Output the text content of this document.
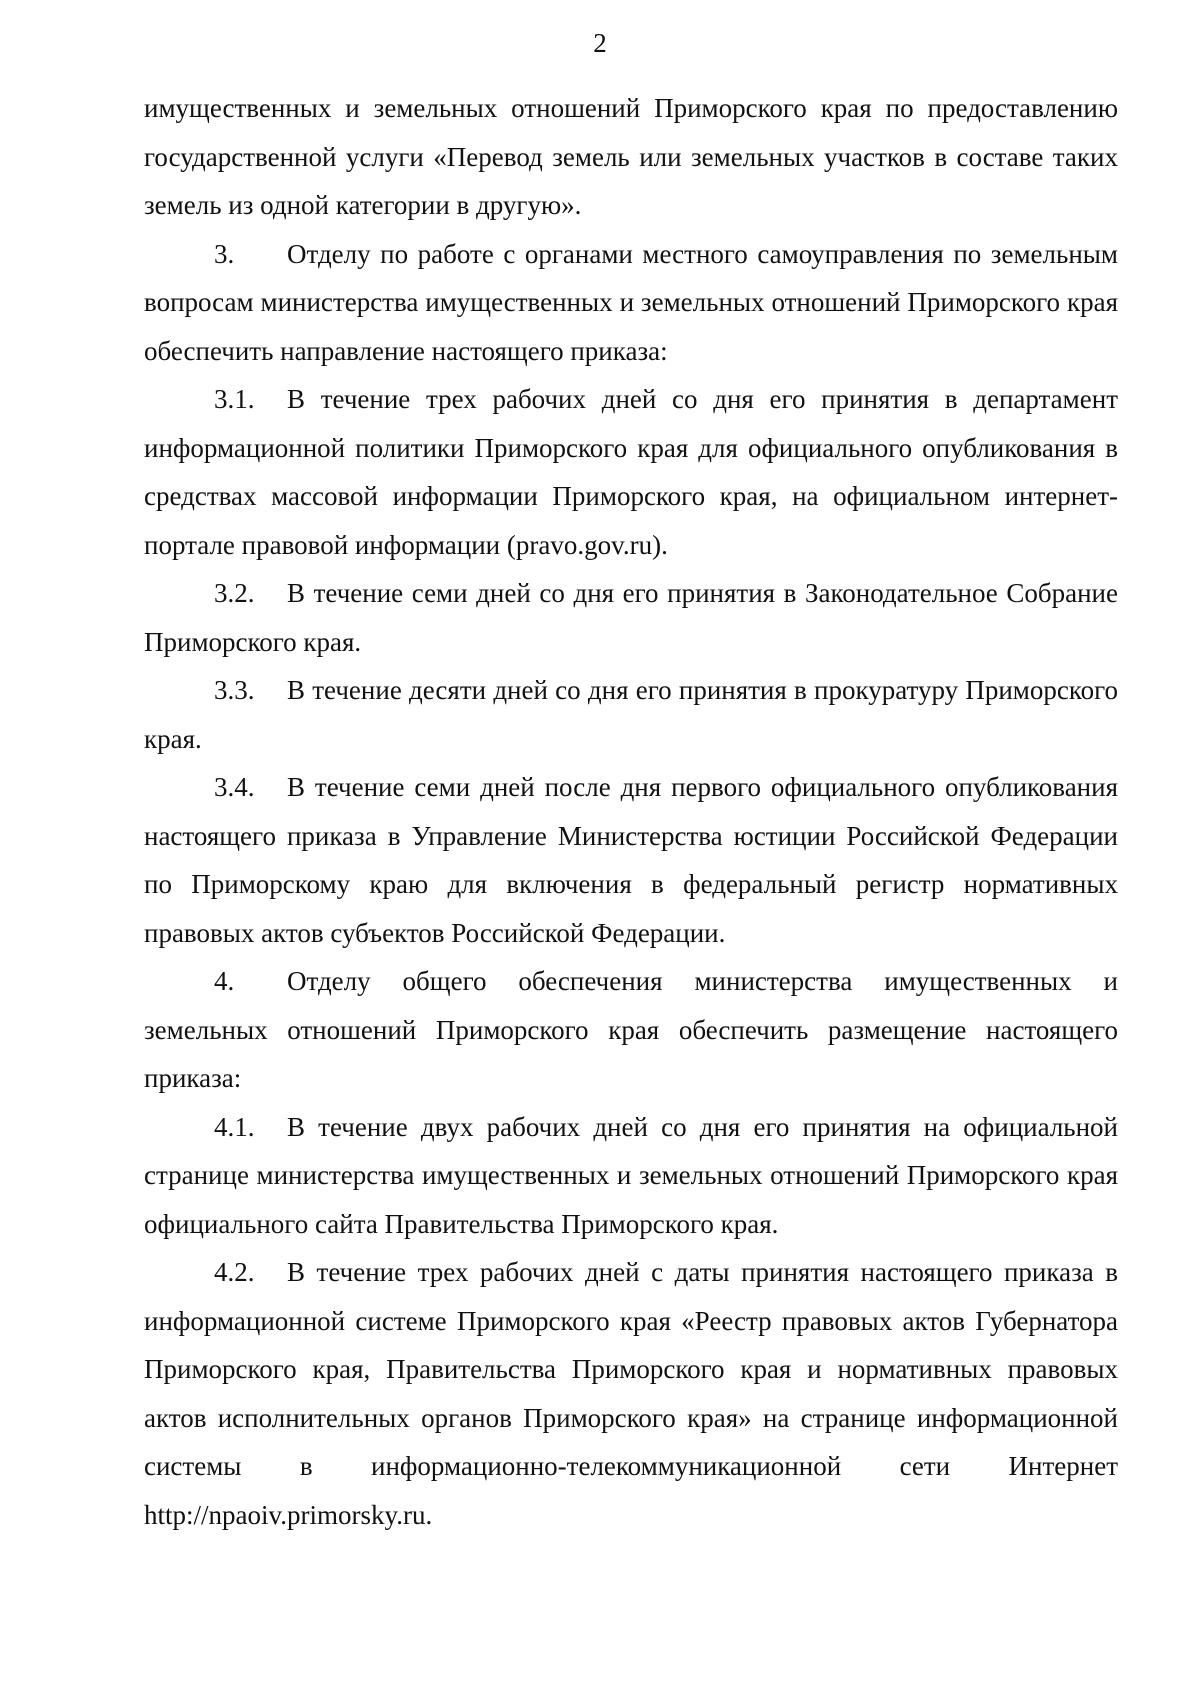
2

имущественных и земельных отношений Приморского края по предоставлению государственной услуги «Перевод земель или земельных участков в составе таких земель из одной категории в другую».

3. Отделу по работе с органами местного самоуправления по земельным вопросам министерства имущественных и земельных отношений Приморского края обеспечить направление настоящего приказа:

3.1. В течение трех рабочих дней со дня его принятия в департамент информационной политики Приморского края для официального опубликования в средствах массовой информации Приморского края, на официальном интернет-портале правовой информации (pravo.gov.ru).

3.2. В течение семи дней со дня его принятия в Законодательное Собрание Приморского края.

3.3. В течение десяти дней со дня его принятия в прокуратуру Приморского края.

3.4. В течение семи дней после дня первого официального опубликования настоящего приказа в Управление Министерства юстиции Российской Федерации по Приморскому краю для включения в федеральный регистр нормативных правовых актов субъектов Российской Федерации.

4. Отделу общего обеспечения министерства имущественных и земельных отношений Приморского края обеспечить размещение настоящего приказа:

4.1. В течение двух рабочих дней со дня его принятия на официальной странице министерства имущественных и земельных отношений Приморского края официального сайта Правительства Приморского края.

4.2. В течение трех рабочих дней с даты принятия настоящего приказа в информационной системе Приморского края «Реестр правовых актов Губернатора Приморского края, Правительства Приморского края и нормативных правовых актов исполнительных органов Приморского края» на странице информационной системы в информационно-телекоммуникационной сети Интернет http://npaoiv.primorsky.ru.
